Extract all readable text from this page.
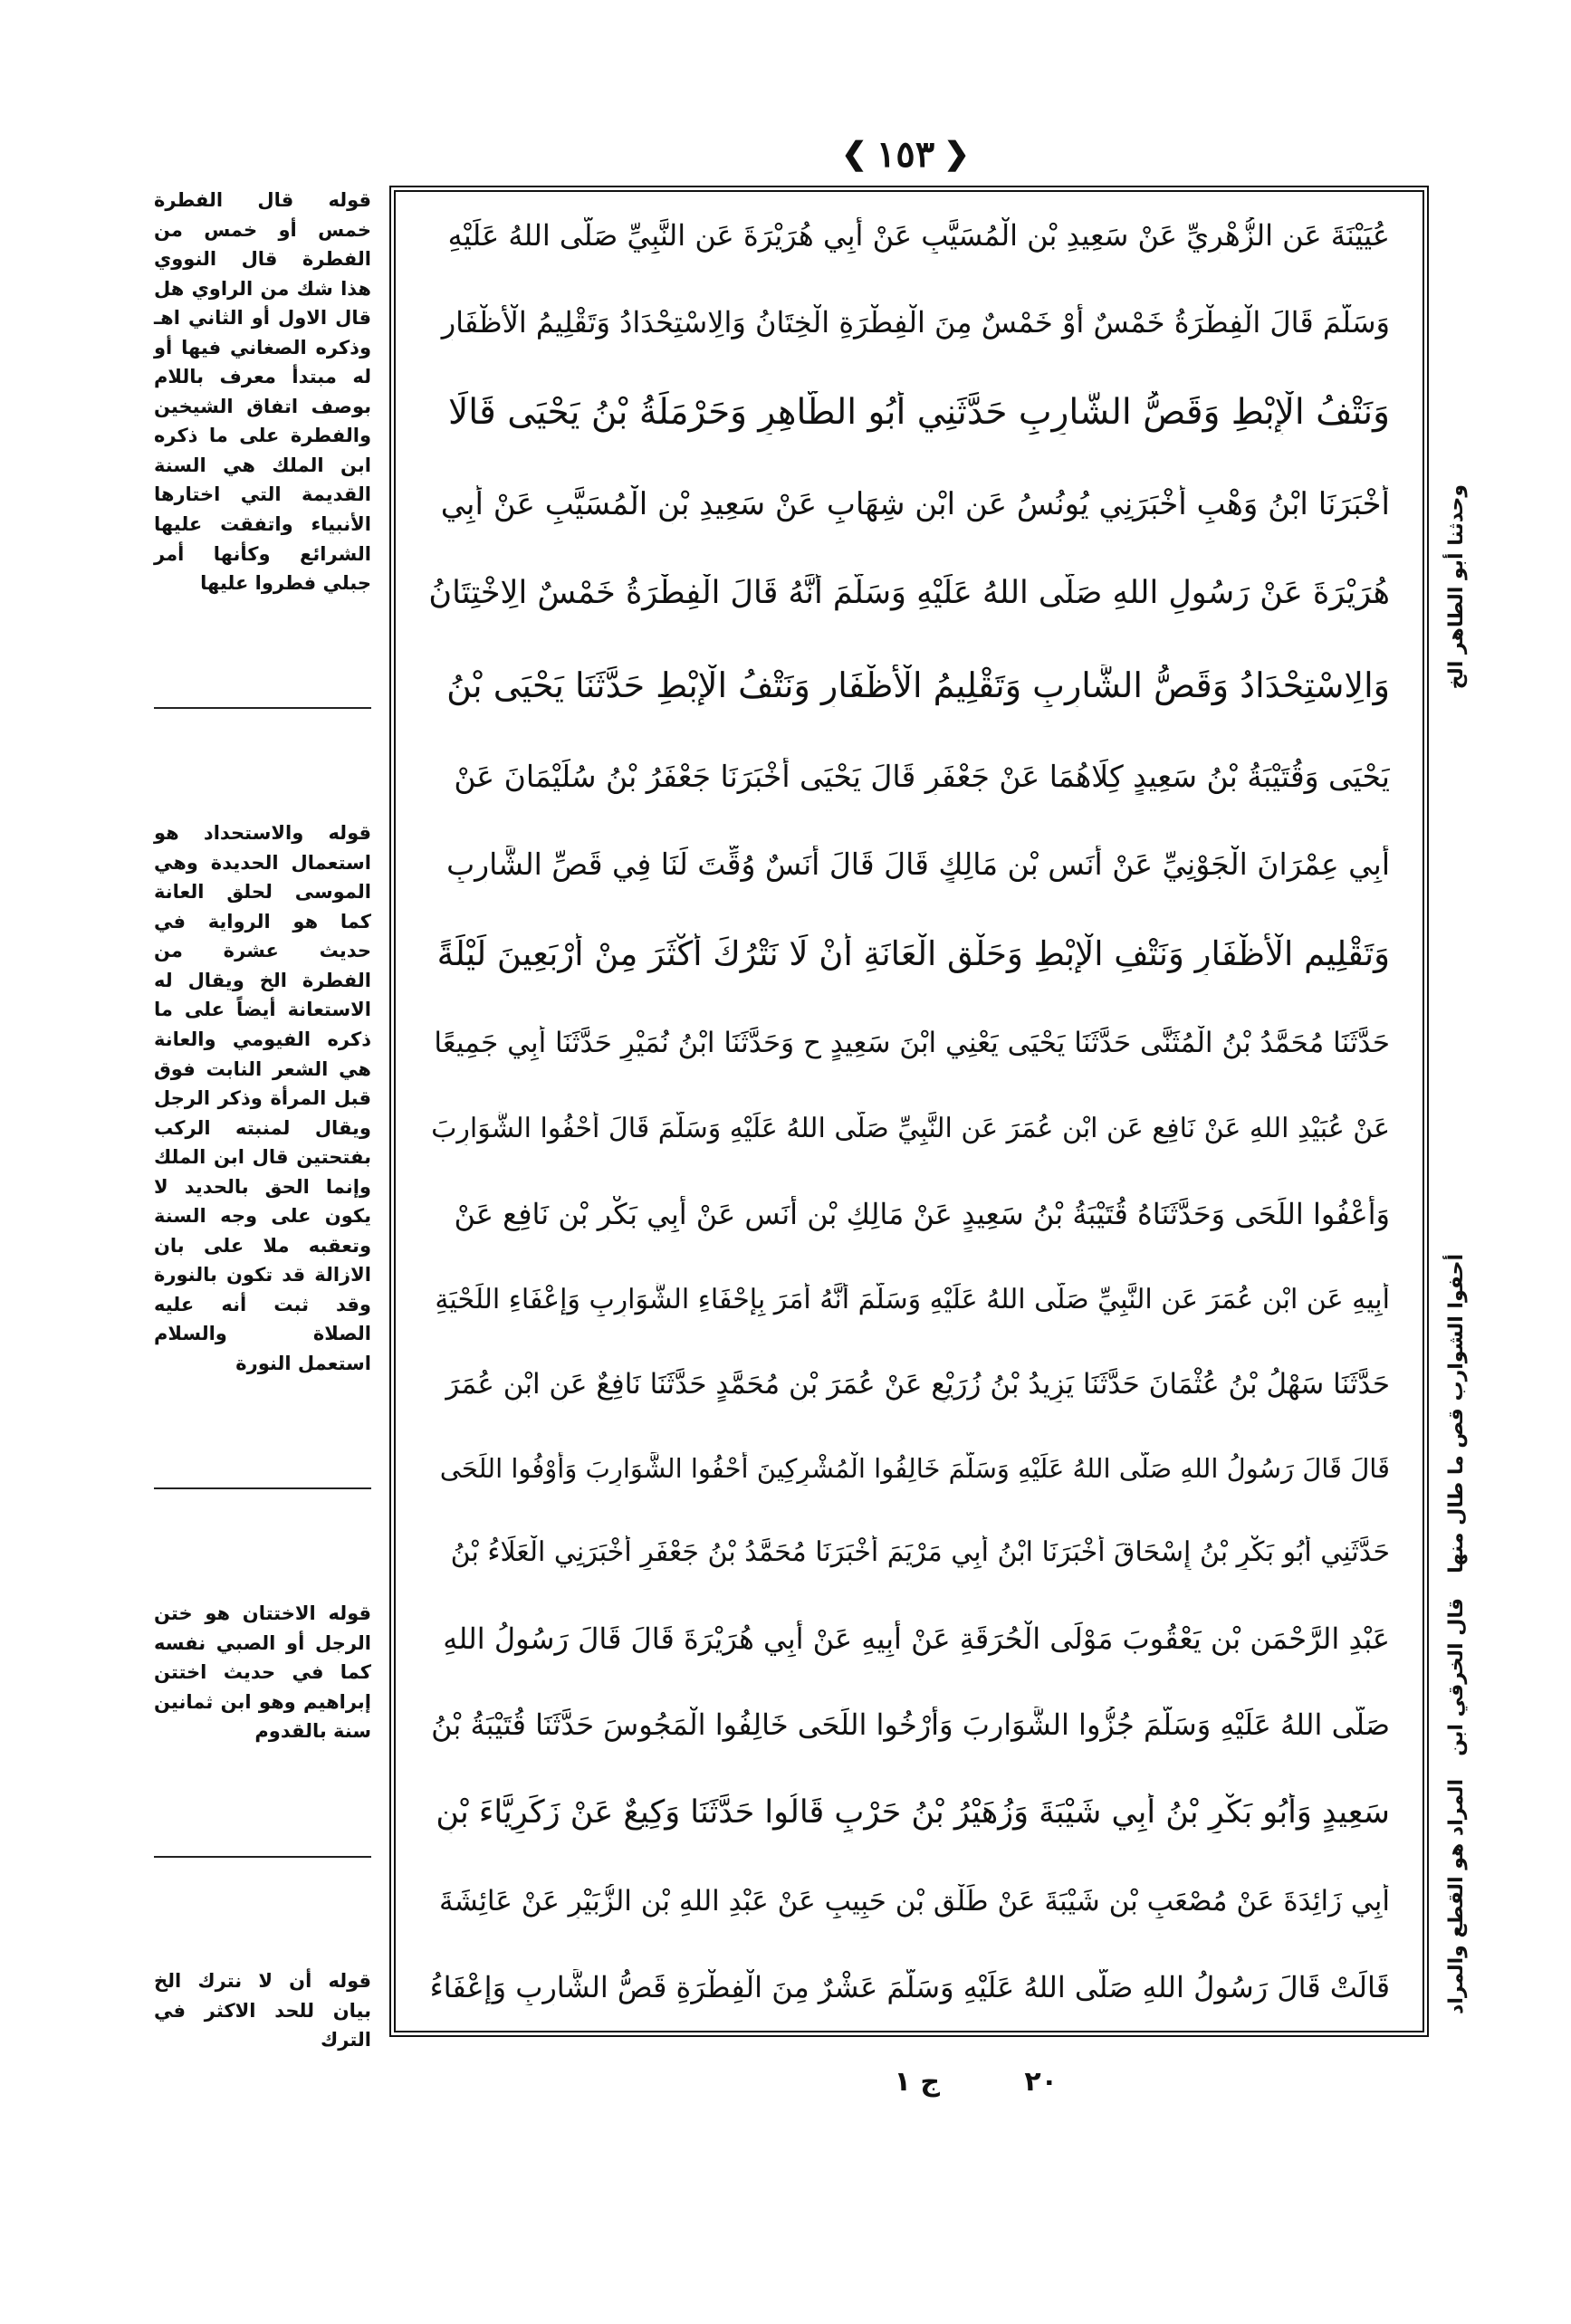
❮
١٥٣
❯
عُيَيْنَةَ عَنِ الزُّهْرِيِّ عَنْ سَعِيدِ بْنِ الْمُسَيَّبِ عَنْ أَبِي هُرَيْرَةَ عَنِ النَّبِيِّ صَلَّى اللهُ عَلَيْهِ
وَسَلَّمَ قَالَ الْفِطْرَةُ خَمْسٌ أَوْ خَمْسٌ مِنَ الْفِطْرَةِ الْخِتَانُ وَالِاسْتِحْدَادُ وَتَقْلِيمُ الْأَظْفَارِ
وَنَتْفُ الْإِبْطِ وَقَصُّ الشَّارِبِ حَدَّثَنِي أَبُو الطَّاهِرِ وَحَرْمَلَةُ بْنُ يَحْيَى قَالَا
أَخْبَرَنَا ابْنُ وَهْبٍ أَخْبَرَنِي يُونُسُ عَنِ ابْنِ شِهَابٍ عَنْ سَعِيدِ بْنِ الْمُسَيَّبِ عَنْ أَبِي
هُرَيْرَةَ عَنْ رَسُولِ اللهِ صَلَّى اللهُ عَلَيْهِ وَسَلَّمَ أَنَّهُ قَالَ الْفِطْرَةُ خَمْسٌ الِاخْتِتَانُ
وَالِاسْتِحْدَادُ وَقَصُّ الشَّارِبِ وَتَقْلِيمُ الْأَظْفَارِ وَنَتْفُ الْإِبْطِ حَدَّثَنَا يَحْيَى بْنُ
يَحْيَى وَقُتَيْبَةُ بْنُ سَعِيدٍ كِلَاهُمَا عَنْ جَعْفَرٍ قَالَ يَحْيَى أَخْبَرَنَا جَعْفَرُ بْنُ سُلَيْمَانَ عَنْ
أَبِي عِمْرَانَ الْجَوْنِيِّ عَنْ أَنَسِ بْنِ مَالِكٍ قَالَ قَالَ أَنَسٌ وُقِّتَ لَنَا فِي قَصِّ الشَّارِبِ
وَتَقْلِيمِ الْأَظْفَارِ وَنَتْفِ الْإِبْطِ وَحَلْقِ الْعَانَةِ أَنْ لَا نَتْرُكَ أَكْثَرَ مِنْ أَرْبَعِينَ لَيْلَةً
حَدَّثَنَا مُحَمَّدُ بْنُ الْمُثَنَّى حَدَّثَنَا يَحْيَى يَعْنِي ابْنَ سَعِيدٍ ح وَحَدَّثَنَا ابْنُ نُمَيْرٍ حَدَّثَنَا أَبِي جَمِيعًا
عَنْ عُبَيْدِ اللهِ عَنْ نَافِعٍ عَنِ ابْنِ عُمَرَ عَنِ النَّبِيِّ صَلَّى اللهُ عَلَيْهِ وَسَلَّمَ قَالَ أَحْفُوا الشَّوَارِبَ
وَأَعْفُوا اللِّحَى وَحَدَّثَنَاهُ قُتَيْبَةُ بْنُ سَعِيدٍ عَنْ مَالِكِ بْنِ أَنَسٍ عَنْ أَبِي بَكْرِ بْنِ نَافِعٍ عَنْ
أَبِيهِ عَنِ ابْنِ عُمَرَ عَنِ النَّبِيِّ صَلَّى اللهُ عَلَيْهِ وَسَلَّمَ أَنَّهُ أَمَرَ بِإِحْفَاءِ الشَّوَارِبِ وَإِعْفَاءِ اللِّحْيَةِ
حَدَّثَنَا سَهْلُ بْنُ عُثْمَانَ حَدَّثَنَا يَزِيدُ بْنُ زُرَيْعٍ عَنْ عُمَرَ بْنِ مُحَمَّدٍ حَدَّثَنَا نَافِعٌ عَنِ ابْنِ عُمَرَ
قَالَ قَالَ رَسُولُ اللهِ صَلَّى اللهُ عَلَيْهِ وَسَلَّمَ خَالِفُوا الْمُشْرِكِينَ أَحْفُوا الشَّوَارِبَ وَأَوْفُوا اللِّحَى
حَدَّثَنِي أَبُو بَكْرِ بْنُ إِسْحَاقَ أَخْبَرَنَا ابْنُ أَبِي مَرْيَمَ أَخْبَرَنَا مُحَمَّدُ بْنُ جَعْفَرٍ أَخْبَرَنِي الْعَلَاءُ بْنُ
عَبْدِ الرَّحْمَنِ بْنِ يَعْقُوبَ مَوْلَى الْحُرَقَةِ عَنْ أَبِيهِ عَنْ أَبِي هُرَيْرَةَ قَالَ قَالَ رَسُولُ اللهِ
صَلَّى اللهُ عَلَيْهِ وَسَلَّمَ جُزُّوا الشَّوَارِبَ وَأَرْخُوا اللِّحَى خَالِفُوا الْمَجُوسَ حَدَّثَنَا قُتَيْبَةُ بْنُ
سَعِيدٍ وَأَبُو بَكْرِ بْنُ أَبِي شَيْبَةَ وَزُهَيْرُ بْنُ حَرْبٍ قَالُوا حَدَّثَنَا وَكِيعٌ عَنْ زَكَرِيَّاءَ بْنِ
أَبِي زَائِدَةَ عَنْ مُصْعَبِ بْنِ شَيْبَةَ عَنْ طَلْقِ بْنِ حَبِيبٍ عَنْ عَبْدِ اللهِ بْنِ الزُّبَيْرِ عَنْ عَائِشَةَ
قَالَتْ قَالَ رَسُولُ اللهِ صَلَّى اللهُ عَلَيْهِ وَسَلَّمَ عَشْرٌ مِنَ الْفِطْرَةِ قَصُّ الشَّارِبِ وَإِعْفَاءُ
قوله قال الفطرة خمس أو خمس من الفطرة قال النووي هذا شك من الراوي هل قال الاول أو الثاني اهـ وذكره الصغاني فيها أو له مبتدأ معرف باللام بوصف اتفاق الشيخين والفطرة على ما ذكره ابن الملك هي السنة القديمة التي اختارها الأنبياء واتفقت عليها الشرائع وكأنها أمر جبلي فطروا عليها
قوله والاستحداد هو استعمال الحديدة وهي الموسى لحلق العانة كما هو الرواية في حديث عشرة من الفطرة الخ ويقال له الاستعانة أيضاً على ما ذكره الفيومي والعانة هي الشعر النابت فوق قبل المرأة وذكر الرجل ويقال لمنبته الركب بفتحتين قال ابن الملك وإنما الحق بالحديد لا يكون على وجه السنة وتعقبه ملا على بان الازالة قد تكون بالنورة وقد ثبت أنه عليه الصلاة والسلام استعمل النورة
قوله الاختتان هو ختن الرجل أو الصبي نفسه كما في حديث اختتن إبراهيم وهو ابن ثمانين سنة بالقدوم
قوله أن لا نترك الخ بيان للحد الاكثر في الترك
وحدثنا أبو الطاهر الخ
أحفوا الشوارب قص ما طال منها
قال الخرقي ابن
المراد هو القطع والمراد
ج ١	٢٠
